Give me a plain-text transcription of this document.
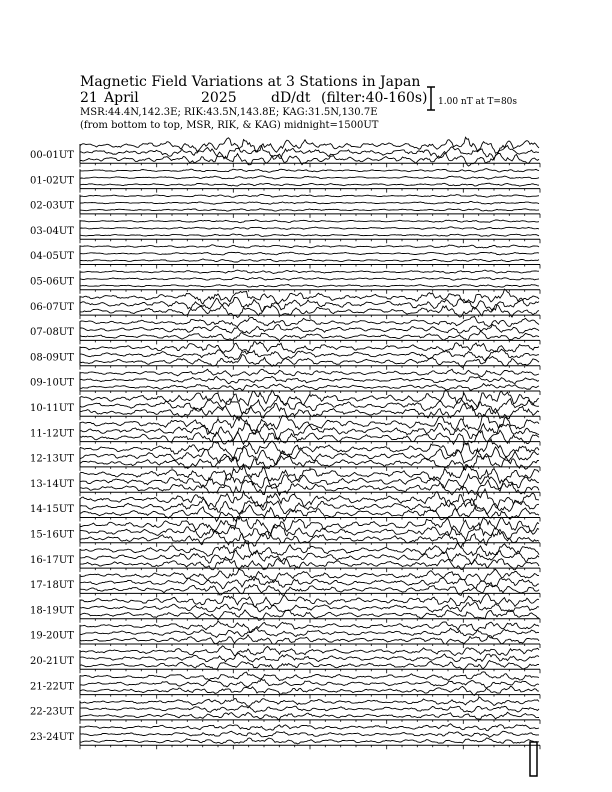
Magnetic Field Variations at 3 Stations in Japan
21 April	2025 dD/dt (filter:40-160s)
MSR:44.4N,142.3E; RIK:43.5N,143.8E; KAG:31.5N,130.7E
(from bottom to top, MSR, RIK, & KAG) midnight=1500UT
1.00 nT at T=80s
00-01UT
01-02UT
02-03UT
03-04UT
04-05UT
05-06UT
06-07UT
07-08UT
08-09UT
09-10UT
10-11UT
11-12UT
12-13UT
13-14UT
14-15UT
15-16UT
16-17UT
17-18UT
18-19UT
19-20UT
20-21UT
21-22UT
22-23UT
23-24UT
